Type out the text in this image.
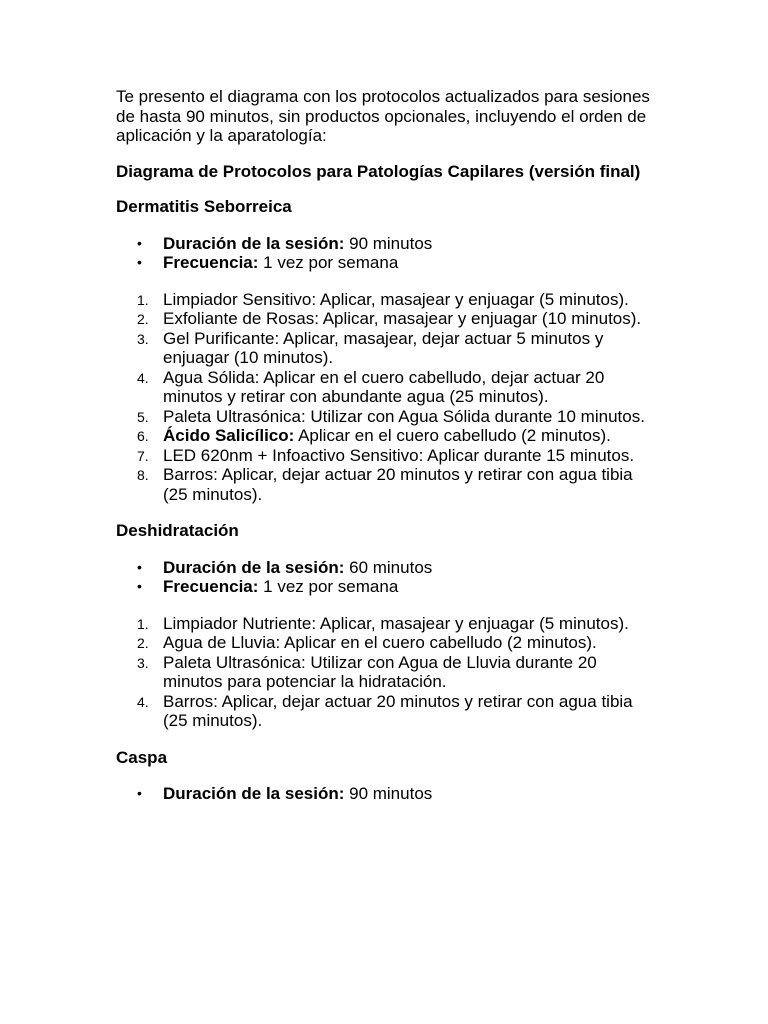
Te presento el diagrama con los protocolos actualizados para sesiones de hasta 90 minutos, sin productos opcionales, incluyendo el orden de aplicación y la aparatología:

Diagrama de Protocolos para Patologías Capilares (versión final)

Dermatitis Seborreica

• Duración de la sesión: 90 minutos
• Frecuencia: 1 vez por semana
1. Limpiador Sensitivo: Aplicar, masajear y enjuagar (5 minutos).
2. Exfoliante de Rosas: Aplicar, masajear y enjuagar (10 minutos).
3. Gel Purificante: Aplicar, masajear, dejar actuar 5 minutos y enjuagar (10 minutos).
4. Agua Sólida: Aplicar en el cuero cabelludo, dejar actuar 20 minutos y retirar con abundante agua (25 minutos).
5. Paleta Ultrasónica: Utilizar con Agua Sólida durante 10 minutos.
6. Ácido Salicílico: Aplicar en el cuero cabelludo (2 minutos).
7. LED 620nm + Infoactivo Sensitivo: Aplicar durante 15 minutos.
8. Barros: Aplicar, dejar actuar 20 minutos y retirar con agua tibia (25 minutos).

Deshidratación

• Duración de la sesión: 60 minutos
• Frecuencia: 1 vez por semana
1. Limpiador Nutriente: Aplicar, masajear y enjuagar (5 minutos).
2. Agua de Lluvia: Aplicar en el cuero cabelludo (2 minutos).
3. Paleta Ultrasónica: Utilizar con Agua de Lluvia durante 20 minutos para potenciar la hidratación.
4. Barros: Aplicar, dejar actuar 20 minutos y retirar con agua tibia (25 minutos).

Caspa

• Duración de la sesión: 90 minutos
